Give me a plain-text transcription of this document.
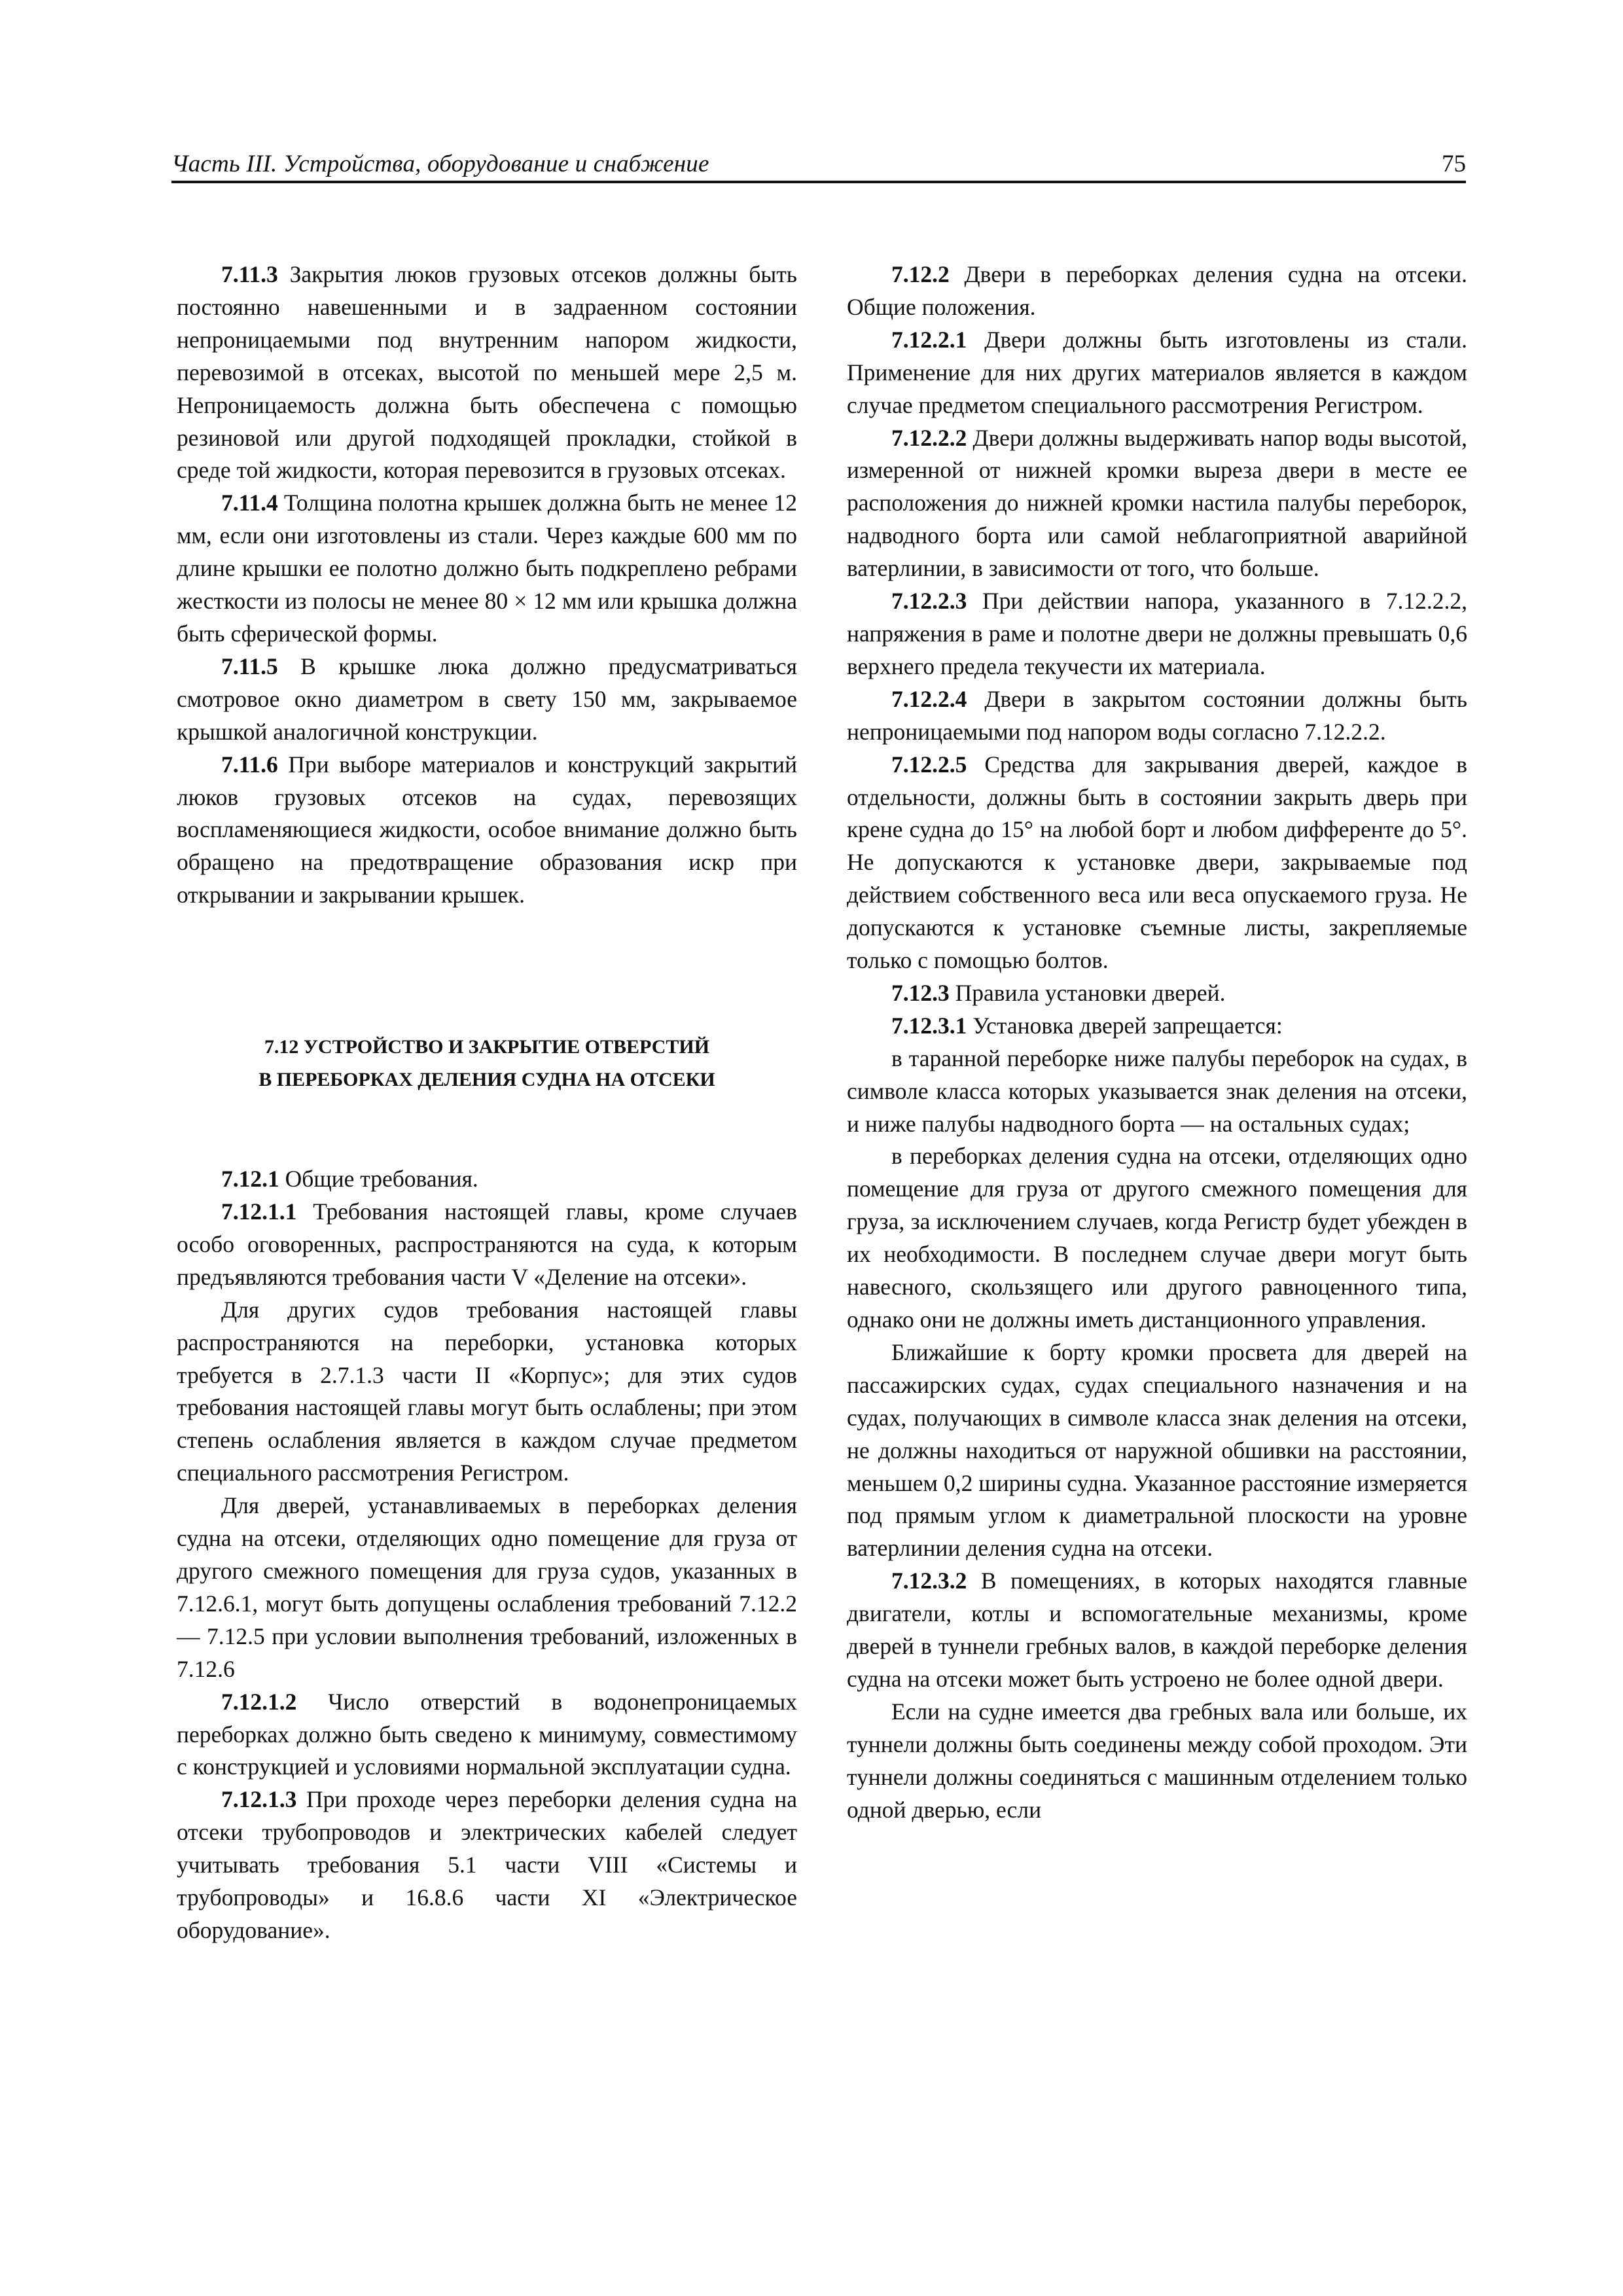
Часть III. Устройства, оборудование и снабжение	75

7.11.3 Закрытия люков грузовых отсеков должны быть постоянно навешенными и в задраенном состоянии непроницаемыми под внутренним напором жидкости, перевозимой в отсеках, высотой по меньшей мере 2,5 м. Непроницаемость должна быть обеспечена с помощью резиновой или другой подходящей прокладки, стойкой в среде той жидкости, которая перевозится в грузовых отсеках.

7.11.4 Толщина полотна крышек должна быть не менее 12 мм, если они изготовлены из стали. Через каждые 600 мм по длине крышки ее полотно должно быть подкреплено ребрами жесткости из полосы не менее 80 × 12 мм или крышка должна быть сферической формы.

7.11.5 В крышке люка должно предусматриваться смотровое окно диаметром в свету 150 мм, закрываемое крышкой аналогичной конструкции.

7.11.6 При выборе материалов и конструкций закрытий люков грузовых отсеков на судах, перевозящих воспламеняющиеся жидкости, особое внимание должно быть обращено на предотвращение образования искр при открывании и закрывании крышек.

7.12 УСТРОЙСТВО И ЗАКРЫТИЕ ОТВЕРСТИЙ
В ПЕРЕБОРКАХ ДЕЛЕНИЯ СУДНА НА ОТСЕКИ

7.12.1 Общие требования.

7.12.1.1 Требования настоящей главы, кроме случаев особо оговоренных, распространяются на суда, к которым предъявляются требования части V «Деление на отсеки».

Для других судов требования настоящей главы распространяются на переборки, установка которых требуется в 2.7.1.3 части II «Корпус»; для этих судов требования настоящей главы могут быть ослаблены; при этом степень ослабления является в каждом случае предметом специального рассмотрения Регистром.

Для дверей, устанавливаемых в переборках деления судна на отсеки, отделяющих одно помещение для груза от другого смежного помещения для груза судов, указанных в 7.12.6.1, могут быть допущены ослабления требований 7.12.2 — 7.12.5 при условии выполнения требований, изложенных в 7.12.6

7.12.1.2 Число отверстий в водонепроницаемых переборках должно быть сведено к минимуму, совместимому с конструкцией и условиями нормальной эксплуатации судна.

7.12.1.3 При проходе через переборки деления судна на отсеки трубопроводов и электрических кабелей следует учитывать требования 5.1 части VIII «Системы и трубопроводы» и 16.8.6 части XI «Электрическое оборудование».

7.12.2 Двери в переборках деления судна на отсеки. Общие положения.

7.12.2.1 Двери должны быть изготовлены из стали. Применение для них других материалов является в каждом случае предметом специального рассмотрения Регистром.

7.12.2.2 Двери должны выдерживать напор воды высотой, измеренной от нижней кромки выреза двери в месте ее расположения до нижней кромки настила палубы переборок, надводного борта или самой неблагоприятной аварийной ватерлинии, в зависимости от того, что больше.

7.12.2.3 При действии напора, указанного в 7.12.2.2, напряжения в раме и полотне двери не должны превышать 0,6 верхнего предела текучести их материала.

7.12.2.4 Двери в закрытом состоянии должны быть непроницаемыми под напором воды согласно 7.12.2.2.

7.12.2.5 Средства для закрывания дверей, каждое в отдельности, должны быть в состоянии закрыть дверь при крене судна до 15° на любой борт и любом дифференте до 5°. Не допускаются к установке двери, закрываемые под действием собственного веса или веса опускаемого груза. Не допускаются к установке съемные листы, закрепляемые только с помощью болтов.

7.12.3 Правила установки дверей.

7.12.3.1 Установка дверей запрещается:

в таранной переборке ниже палубы переборок на судах, в символе класса которых указывается знак деления на отсеки, и ниже палубы надводного борта — на остальных судах;

в переборках деления судна на отсеки, отделяющих одно помещение для груза от другого смежного помещения для груза, за исключением случаев, когда Регистр будет убежден в их необходимости. В последнем случае двери могут быть навесного, скользящего или другого равноценного типа, однако они не должны иметь дистанционного управления.

Ближайшие к борту кромки просвета для дверей на пассажирских судах, судах специального назначения и на судах, получающих в символе класса знак деления на отсеки, не должны находиться от наружной обшивки на расстоянии, меньшем 0,2 ширины судна. Указанное расстояние измеряется под прямым углом к диаметральной плоскости на уровне ватерлинии деления судна на отсеки.

7.12.3.2 В помещениях, в которых находятся главные двигатели, котлы и вспомогательные механизмы, кроме дверей в туннели гребных валов, в каждой переборке деления судна на отсеки может быть устроено не более одной двери.

Если на судне имеется два гребных вала или больше, их туннели должны быть соединены между собой проходом. Эти туннели должны соединяться с машинным отделением только одной дверью, если
